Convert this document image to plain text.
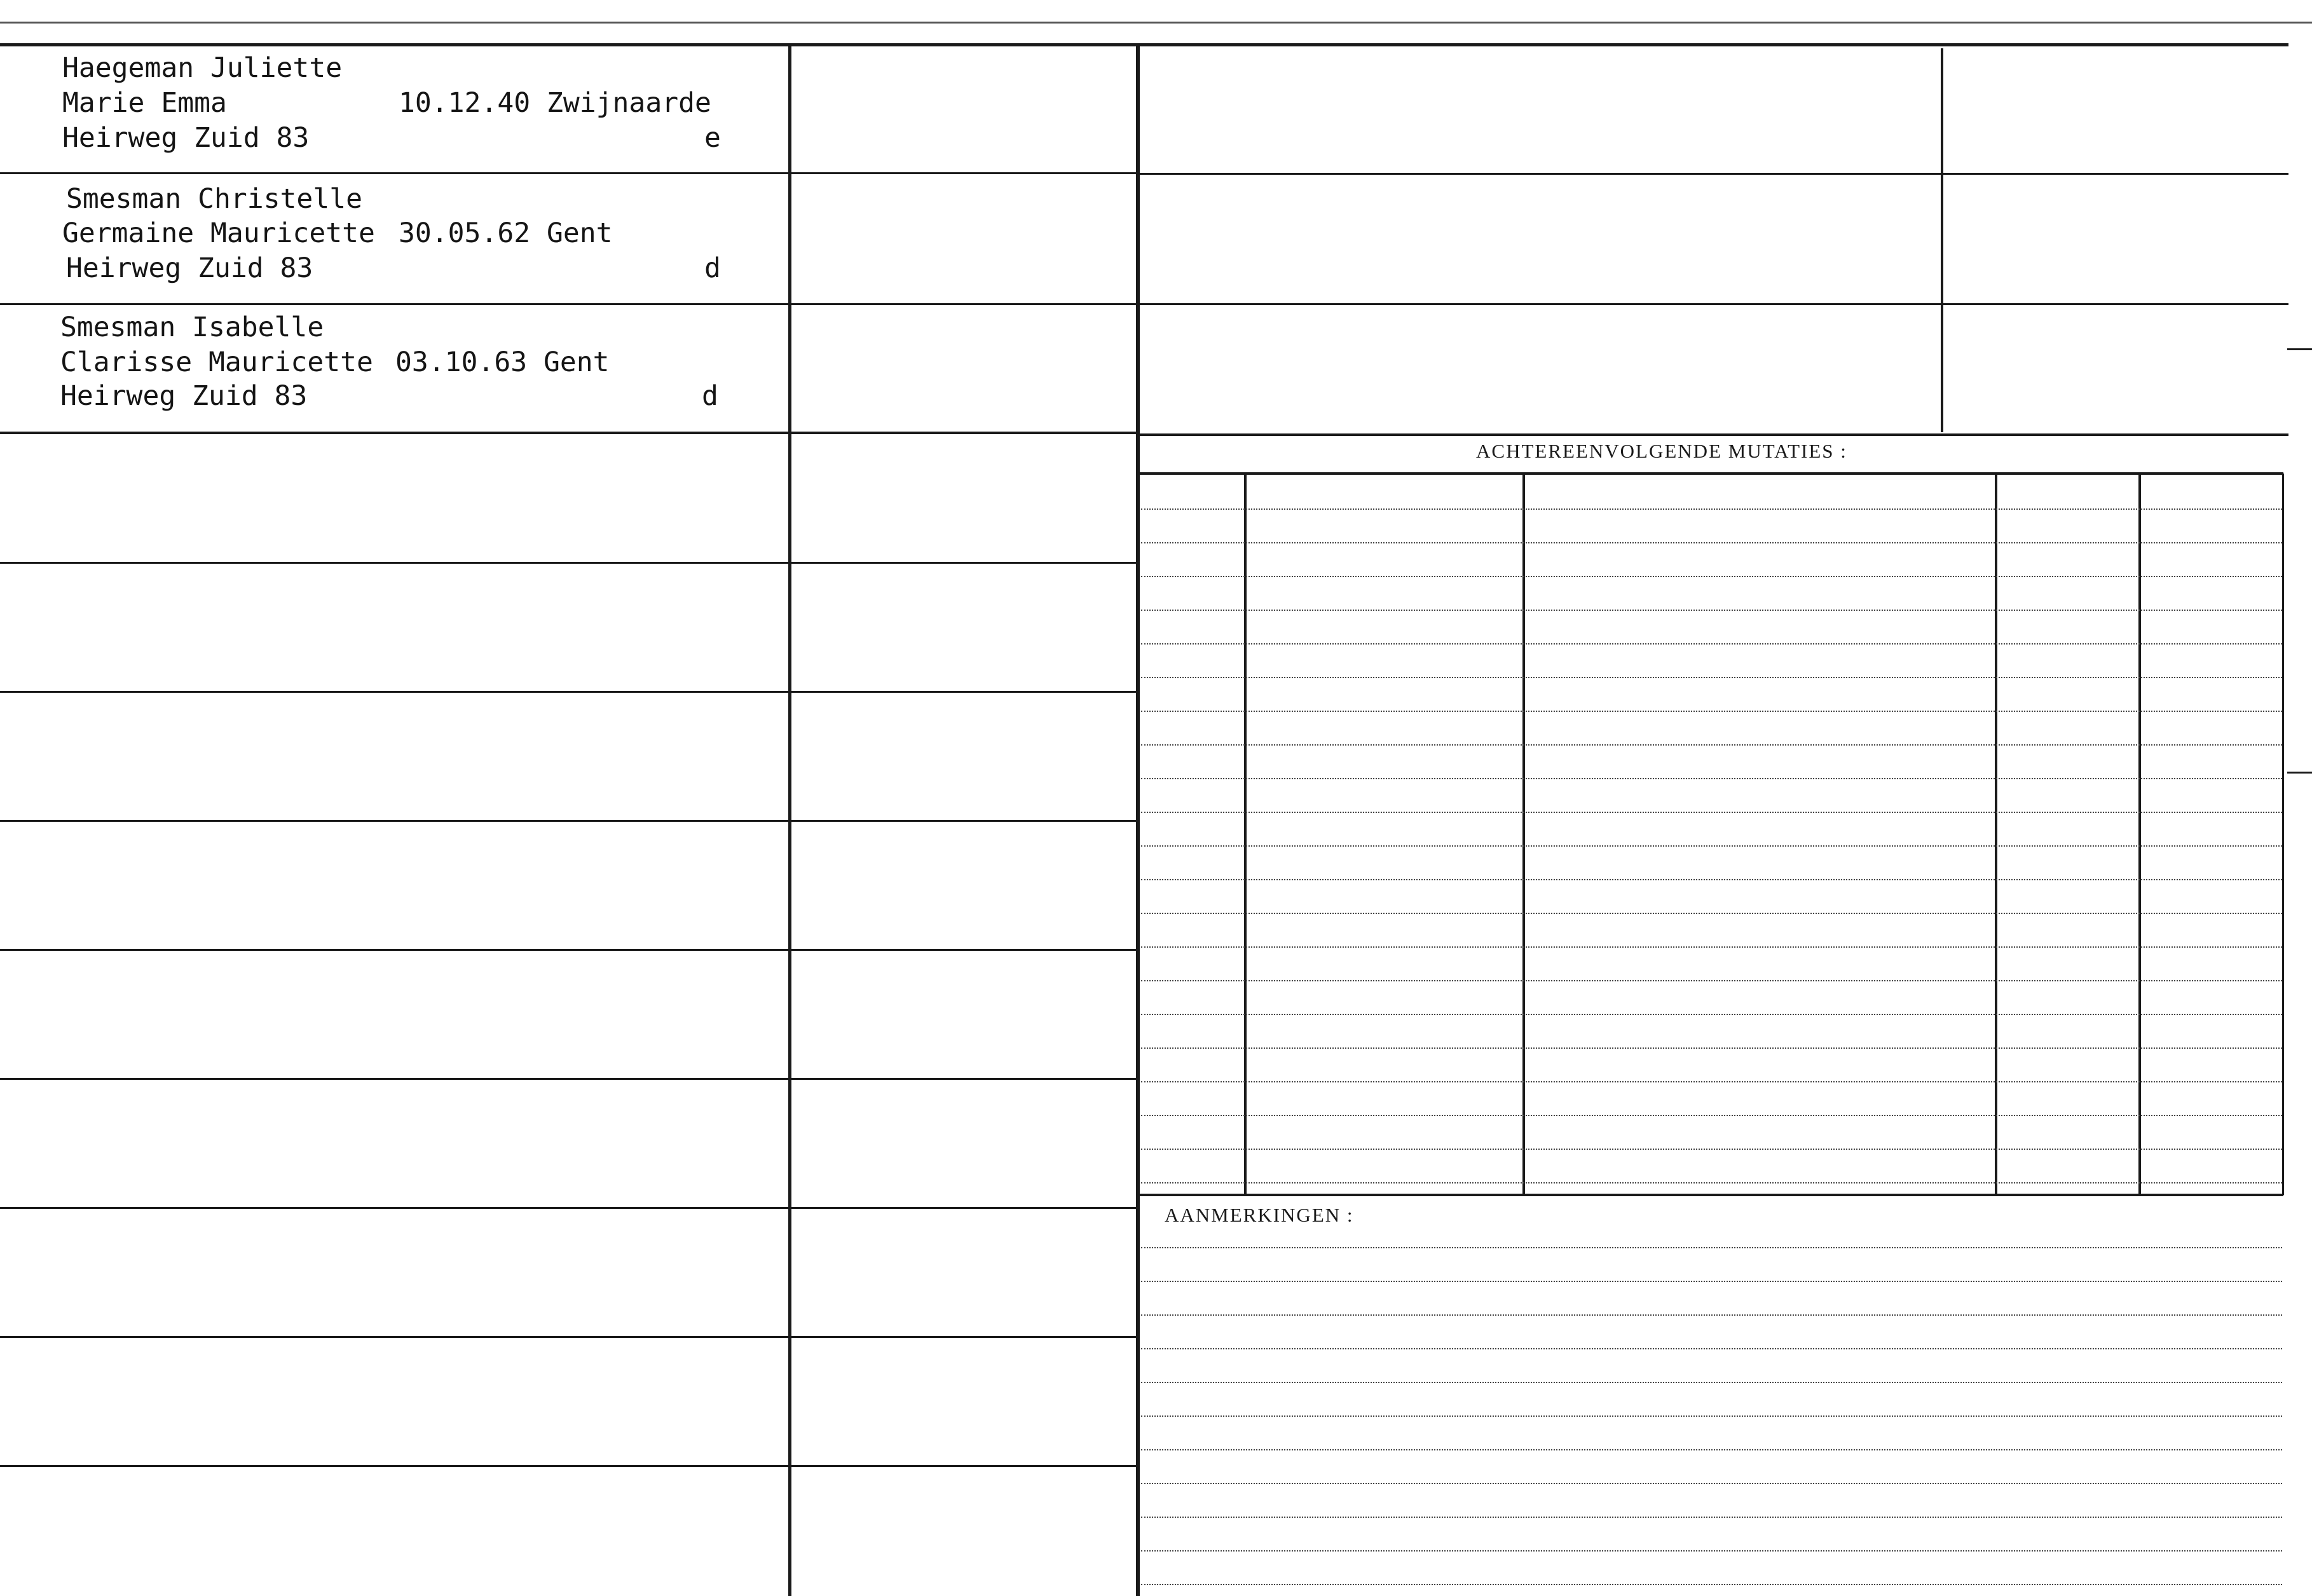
ACHTEREENVOLGENDE MUTATIES :
AANMERKINGEN :
Haegeman Juliette
Marie Emma
Heirweg Zuid 83
10.12.40 Zwijnaarde
e
Smesman Christelle
Germaine Mauricette
Heirweg Zuid 83
30.05.62 Gent
d
Smesman Isabelle
Clarisse Mauricette
Heirweg Zuid 83
03.10.63 Gent
d
